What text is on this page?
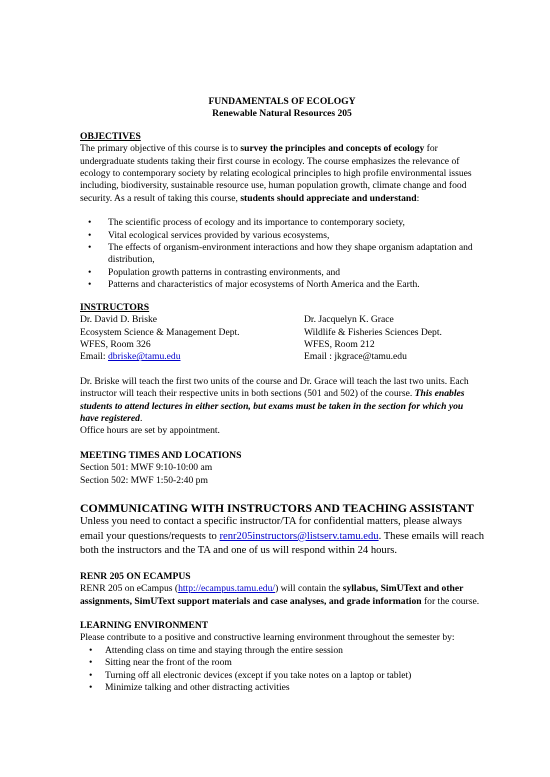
FUNDAMENTALS OF ECOLOGY

Renewable Natural Resources 205

OBJECTIVES

The primary objective of this course is to survey the principles and concepts of ecology for undergraduate students taking their first course in ecology. The course emphasizes the relevance of ecology to contemporary society by relating ecological principles to high profile environmental issues including, biodiversity, sustainable resource use, human population growth, climate change and food security. As a result of taking this course, students should appreciate and understand:

• The scientific process of ecology and its importance to contemporary society,
• Vital ecological services provided by various ecosystems,
• The effects of organism-environment interactions and how they shape organism adaptation and distribution,
• Population growth patterns in contrasting environments, and
• Patterns and characteristics of major ecosystems of North America and the Earth.

INSTRUCTORS

Dr. David D. Briske

Ecosystem Science & Management Dept.

WFES, Room 326

Email: dbriske@tamu.edu

Dr. Jacquelyn K. Grace

Wildlife & Fisheries Sciences Dept.

WFES, Room 212

Email : jkgrace@tamu.edu

Dr. Briske will teach the first two units of the course and Dr. Grace will teach the last two units. Each instructor will teach their respective units in both sections (501 and 502) of the course. This enables students to attend lectures in either section, but exams must be taken in the section for which you have registered.

Office hours are set by appointment.

MEETING TIMES AND LOCATIONS

Section 501: MWF 9:10-10:00 am

Section 502: MWF 1:50-2:40 pm

COMMUNICATING WITH INSTRUCTORS AND TEACHING ASSISTANT

Unless you need to contact a specific instructor/TA for confidential matters, please always email your questions/requests to renr205instructors@listserv.tamu.edu. These emails will reach both the instructors and the TA and one of us will respond within 24 hours.

RENR 205 ON ECAMPUS

RENR 205 on eCampus (http://ecampus.tamu.edu/) will contain the syllabus, SimUText and other assignments, SimUText support materials and case analyses, and grade information for the course.

LEARNING ENVIRONMENT

Please contribute to a positive and constructive learning environment throughout the semester by:

• Attending class on time and staying through the entire session
• Sitting near the front of the room
• Turning off all electronic devices (except if you take notes on a laptop or tablet)
• Minimize talking and other distracting activities
